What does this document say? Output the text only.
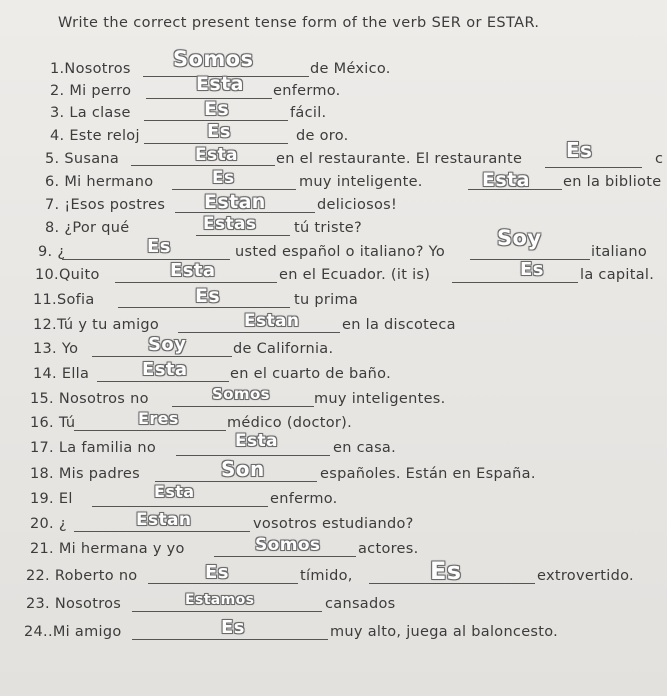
Write the correct present tense form of the verb SER or ESTAR.
1.Nosotros Somos	de México.
2. Mi perro	Esta enfermo.
3. La clase	Es	fácil.
4. Este reloj	Es	de oro.
5. Susana	Esta	en el restaurante. El restaurante Es	c
6. Mi hermano	Es	muy inteligente.	Esta en la bibliote
7. ¡Esos postres Estan	deliciosos!
8. ¿Por qué	Estas	tú triste?
9. ¿	Es	usted español o italiano? Yo
Soy
italiano
10.Quito	Esta	en el Ecuador. (it is)	Es la capital.
11.Sofia	Es	tu prima
12.Tú y tu amigo	Estan	en la discoteca
13. Yo	Soy	de California.
14. Ella	Esta	en el cuarto de baño.
15. Nosotros no	Somos	muy inteligentes.
16. Tú	Eres	médico (doctor).
17. La familia no	Esta	en casa.
18. Mis padres	Son	españoles. Están en España.
19. El	Esta	enfermo.
20. ¿	Estan	vosotros estudiando?
21. Mi hermana y yo	Somos	actores.
22. Roberto no	Es	tímido,	Es	extrovertido.
23. Nosotros	Estamos	cansados
24..Mi amigo	Es	muy alto, juega al baloncesto.
